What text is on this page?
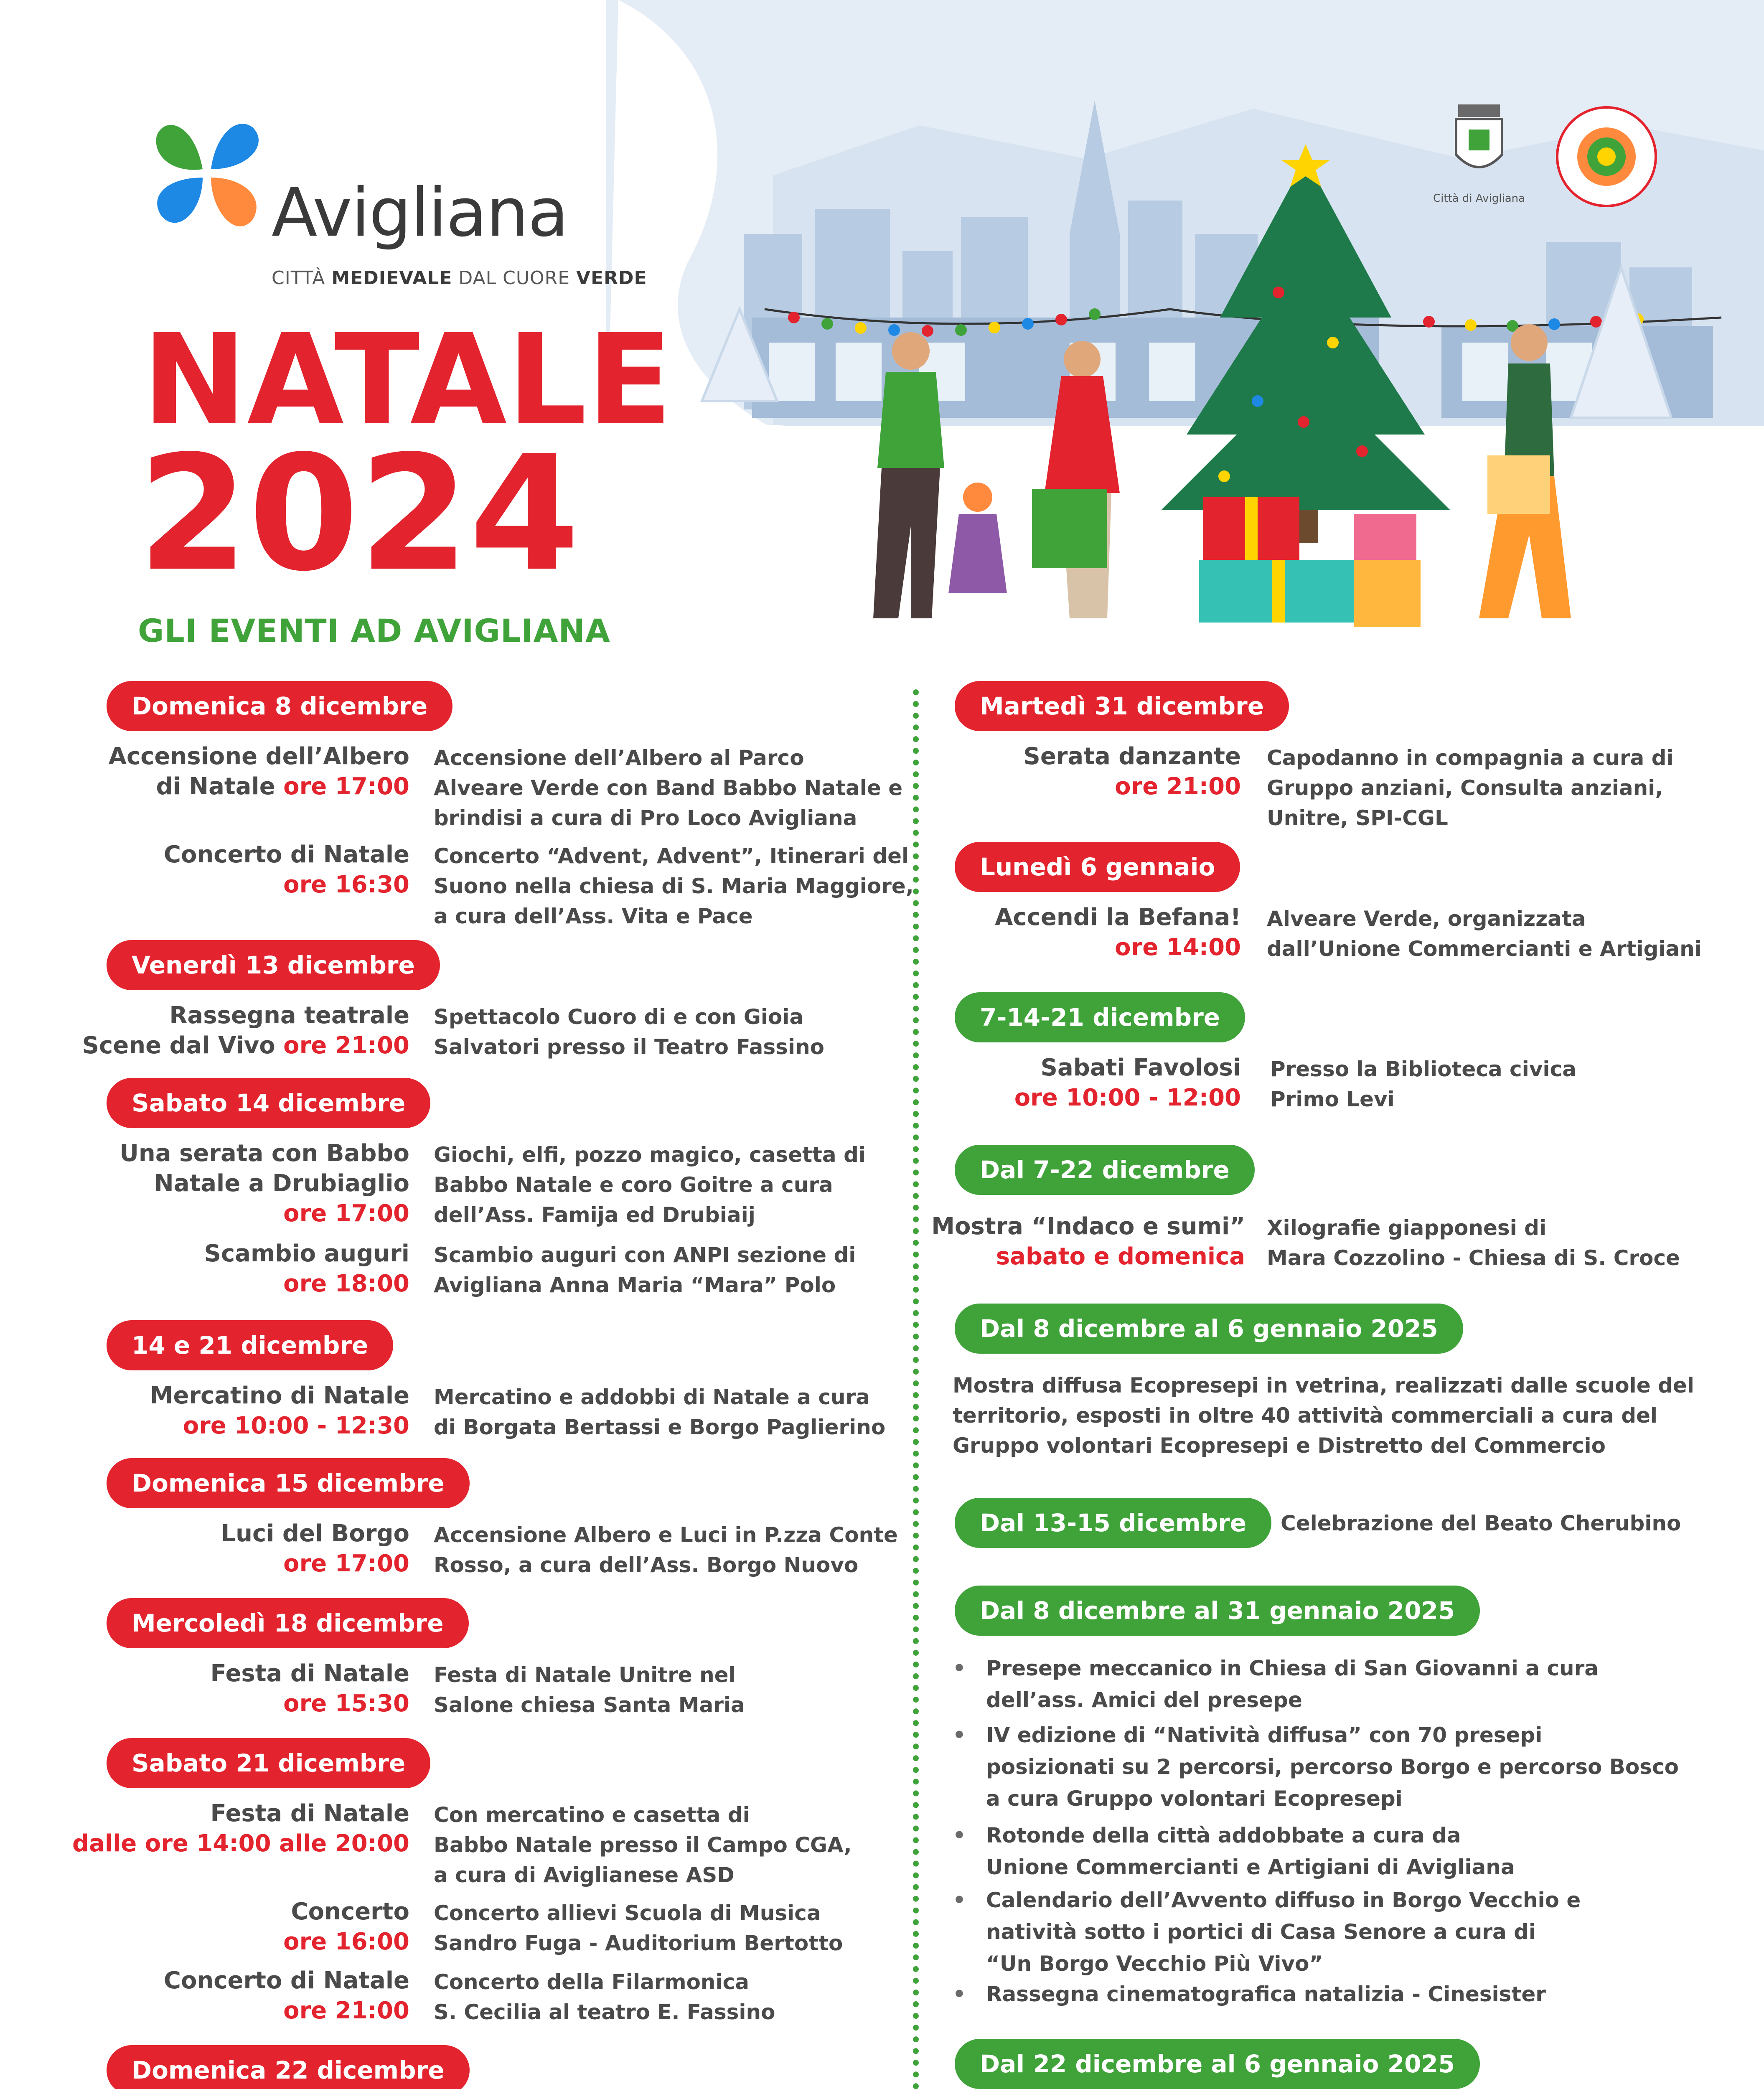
Avigliana
CITTÀ MEDIEVALE DAL CUORE VERDE
NATALE
2024
GLI EVENTI AD AVIGLIANA
Città di Avigliana
Domenica 8 dicembre
Accensione dell’Albero
di Natale ore 17:00
Accensione dell’Albero al Parco
Alveare Verde con Band Babbo Natale e
brindisi a cura di Pro Loco Avigliana
Concerto di Natale
ore 16:30
Concerto “Advent, Advent”, Itinerari del
Suono nella chiesa di S. Maria Maggiore,
a cura dell’Ass. Vita e Pace
Venerdì 13 dicembre
Rassegna teatrale
Scene dal Vivo ore 21:00
Spettacolo Cuoro di e con Gioia
Salvatori presso il Teatro Fassino
Sabato 14 dicembre
Una serata con Babbo
Natale a Drubiaglio
ore 17:00
Giochi, elfi, pozzo magico, casetta di
Babbo Natale e coro Goitre a cura
dell’Ass. Famija ed Drubiaij
Scambio auguri
ore 18:00
Scambio auguri con ANPI sezione di
Avigliana Anna Maria “Mara” Polo
14 e 21 dicembre
Mercatino di Natale
ore 10:00 - 12:30
Mercatino e addobbi di Natale a cura
di Borgata Bertassi e Borgo Paglierino
Domenica 15 dicembre
Luci del Borgo
ore 17:00
Accensione Albero e Luci in P.zza Conte
Rosso, a cura dell’Ass. Borgo Nuovo
Mercoledì 18 dicembre
Festa di Natale
ore 15:30
Festa di Natale Unitre nel
Salone chiesa Santa Maria
Sabato 21 dicembre
Festa di Natale
dalle ore 14:00 alle 20:00
Con mercatino e casetta di
Babbo Natale presso il Campo CGA,
a cura di Aviglianese ASD
Concerto
ore 16:00
Concerto allievi Scuola di Musica
Sandro Fuga - Auditorium Bertotto
Concerto di Natale
ore 21:00
Concerto della Filarmonica
S. Cecilia al teatro E. Fassino
Domenica 22 dicembre

Martedì 31 dicembre
Serata danzante
ore 21:00
Capodanno in compagnia a cura di
Gruppo anziani, Consulta anziani,
Unitre, SPI-CGL
Lunedì 6 gennaio
Accendi la Befana!
ore 14:00
Alveare Verde, organizzata
dall’Unione Commercianti e Artigiani
7-14-21 dicembre
Sabati Favolosi
ore 10:00 - 12:00
Presso la Biblioteca civica
Primo Levi
Dal 7-22 dicembre
Mostra “Indaco e sumi”
sabato e domenica
Xilografie giapponesi di
Mara Cozzolino - Chiesa di S. Croce
Dal 8 dicembre al 6 gennaio 2025
Mostra diffusa Ecopresepi in vetrina, realizzati dalle scuole del
territorio, esposti in oltre 40 attività commerciali a cura del
Gruppo volontari Ecopresepi e Distretto del Commercio
Dal 13-15 dicembre	Celebrazione del Beato Cherubino
Dal 8 dicembre al 31 gennaio 2025
• Presepe meccanico in Chiesa di San Giovanni a cura
dell’ass. Amici del presepe
• IV edizione di “Natività diffusa” con 70 presepi
posizionati su 2 percorsi, percorso Borgo e percorso Bosco
a cura Gruppo volontari Ecopresepi
• Rotonde della città addobbate a cura da
Unione Commercianti e Artigiani di Avigliana
• Calendario dell’Avvento diffuso in Borgo Vecchio e
natività sotto i portici di Casa Senore a cura di
“Un Borgo Vecchio Più Vivo”
• Rassegna cinematografica natalizia - Cinesister
Dal 22 dicembre al 6 gennaio 2025
